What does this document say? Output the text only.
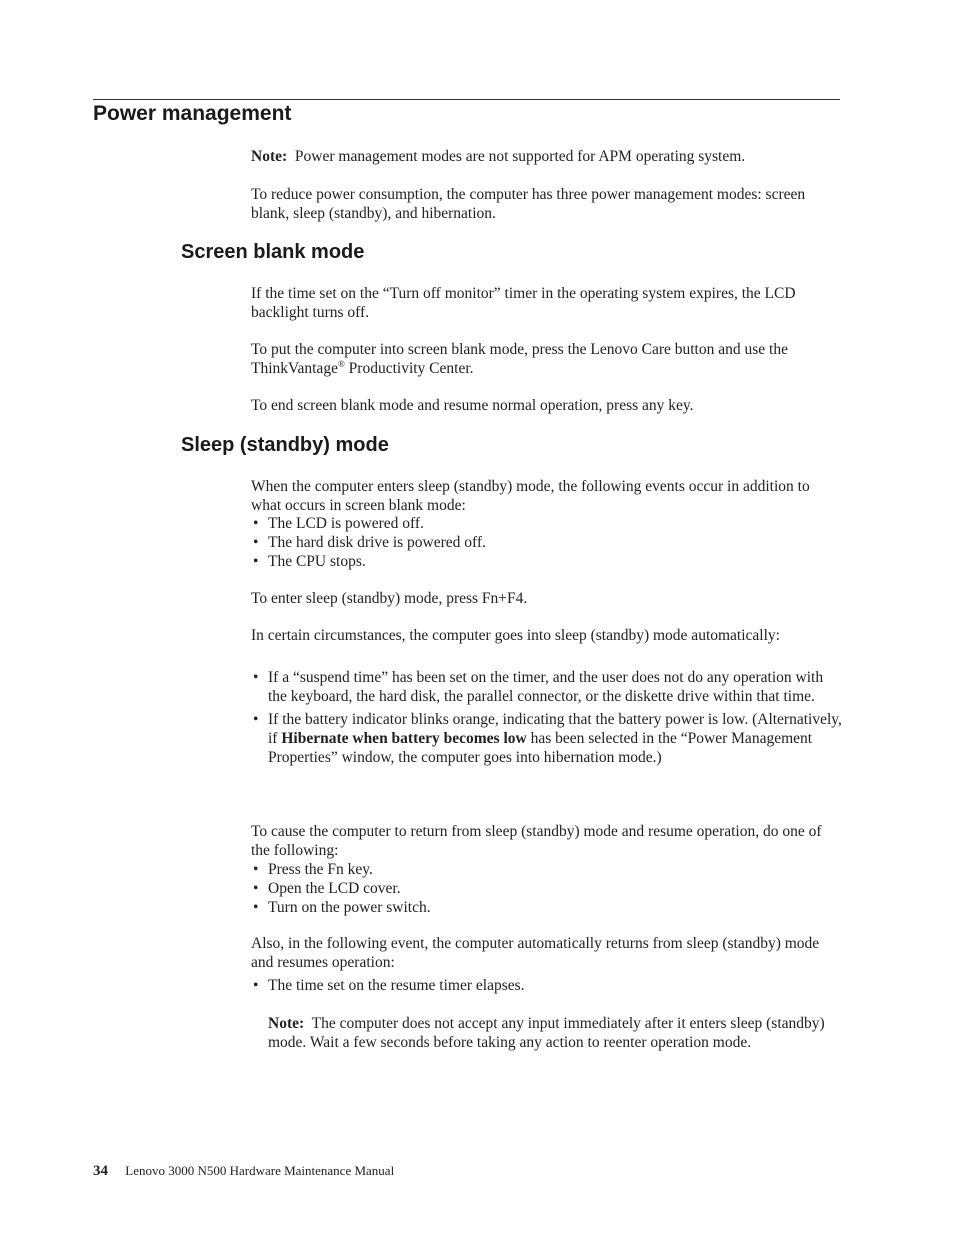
Power management

Note: Power management modes are not supported for APM operating system.

To reduce power consumption, the computer has three power management modes: screen blank, sleep (standby), and hibernation.

Screen blank mode

If the time set on the “Turn off monitor” timer in the operating system expires, the LCD backlight turns off.

To put the computer into screen blank mode, press the Lenovo Care button and use the ThinkVantage® Productivity Center.

To end screen blank mode and resume normal operation, press any key.

Sleep (standby) mode

When the computer enters sleep (standby) mode, the following events occur in addition to what occurs in screen blank mode:

• The LCD is powered off.
• The hard disk drive is powered off.
• The CPU stops.

To enter sleep (standby) mode, press Fn+F4.

In certain circumstances, the computer goes into sleep (standby) mode automatically:

• If a “suspend time” has been set on the timer, and the user does not do any operation with the keyboard, the hard disk, the parallel connector, or the diskette drive within that time.
• If the battery indicator blinks orange, indicating that the battery power is low. (Alternatively, if Hibernate when battery becomes low has been selected in the “Power Management Properties” window, the computer goes into hibernation mode.)

To cause the computer to return from sleep (standby) mode and resume operation, do one of the following:

• Press the Fn key.
• Open the LCD cover.
• Turn on the power switch.

Also, in the following event, the computer automatically returns from sleep (standby) mode and resumes operation:

• The time set on the resume timer elapses.

Note: The computer does not accept any input immediately after it enters sleep (standby) mode. Wait a few seconds before taking any action to reenter operation mode.

34 Lenovo 3000 N500 Hardware Maintenance Manual
